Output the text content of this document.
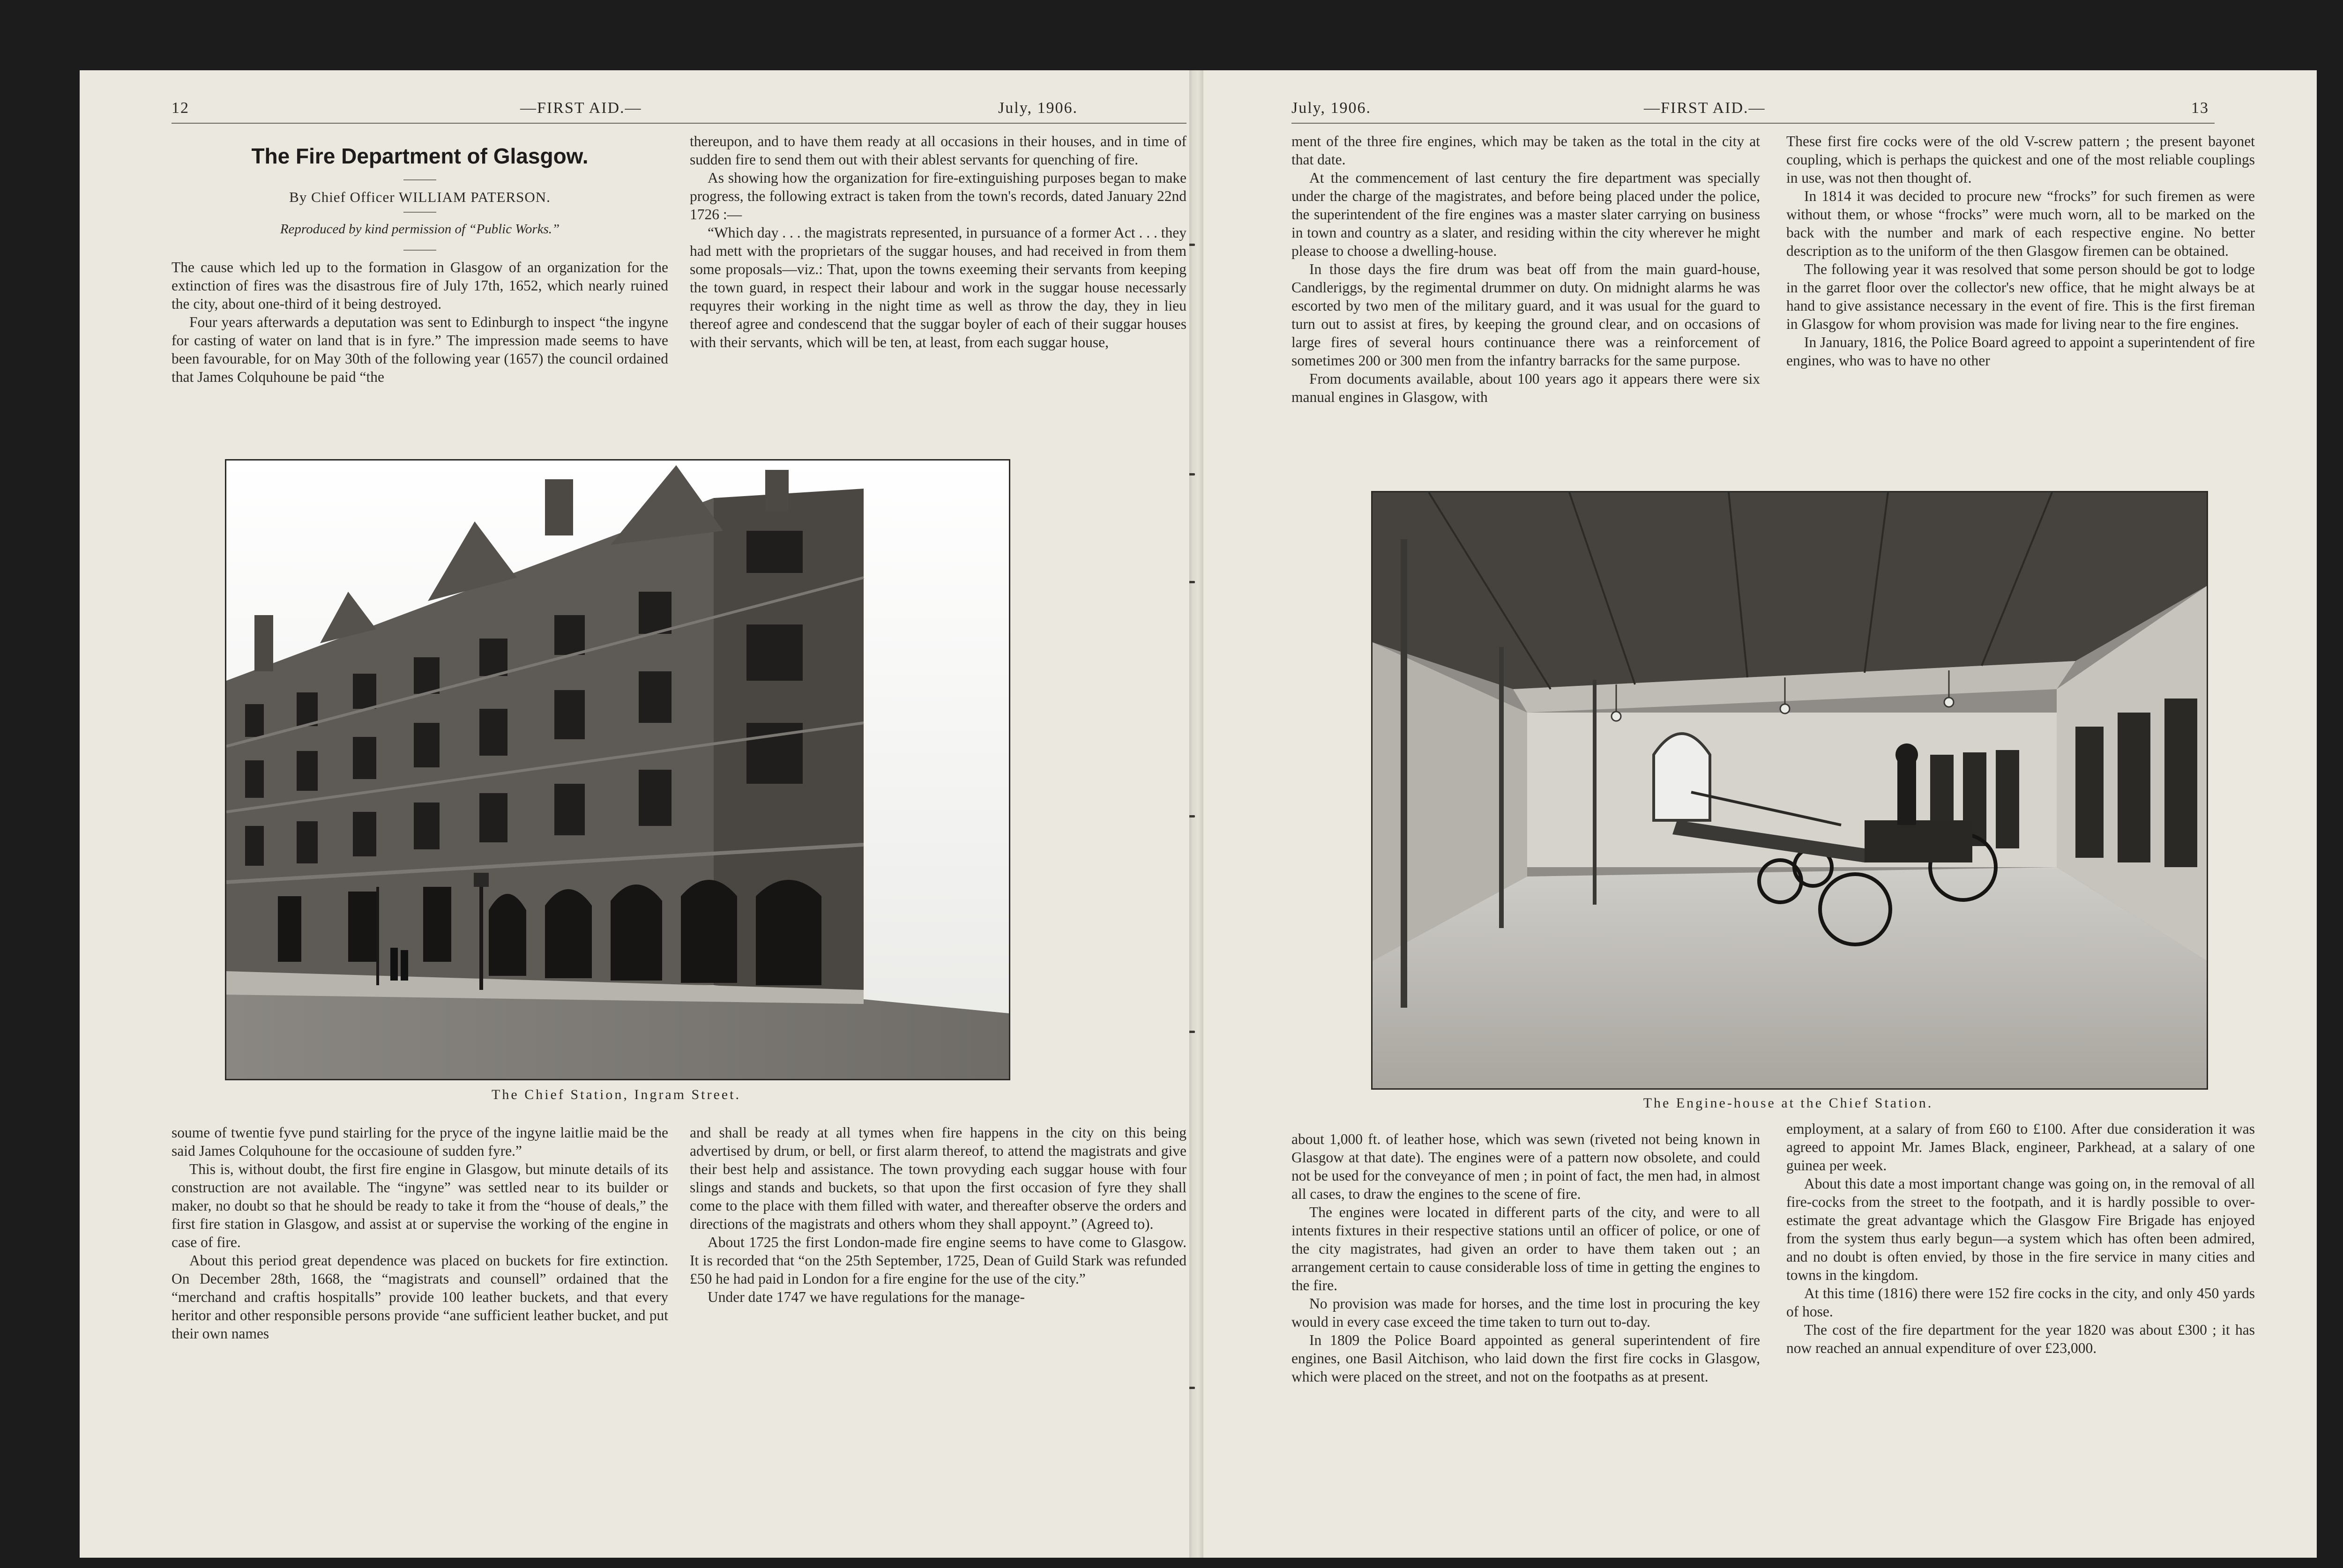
12	—FIRST AID.—	July, 1906.
The Fire Department of Glasgow.
By Chief Officer WILLIAM PATERSON.
Reproduced by kind permission of “Public Works.”

The cause which led up to the formation in Glasgow of an organization for the extinction of fires was the disastrous fire of July 17th, 1652, which nearly ruined the city, about one-third of it being destroyed.

Four years afterwards a deputation was sent to Edinburgh to inspect “the ingyne for casting of water on land that is in fyre.” The impression made seems to have been favourable, for on May 30th of the following year (1657) the council ordained that James Colquhoune be paid “the

thereupon, and to have them ready at all occasions in their houses, and in time of sudden fire to send them out with their ablest servants for quenching of fire.

As showing how the organization for fire-extinguishing purposes began to make progress, the following extract is taken from the town's records, dated January 22nd 1726 :—

“Which day . . . the magistrats represented, in pursuance of a former Act . . . they had mett with the proprietars of the suggar houses, and had received in from them some proposals—viz.: That, upon the towns exeeming their servants from keeping the town guard, in respect their labour and work in the suggar house necessarly requyres their working in the night time as well as throw the day, they in lieu thereof agree and condescend that the suggar boyler of each of their suggar houses with their servants, which will be ten, at least, from each suggar house,

The Chief Station, Ingram Street.

soume of twentie fyve pund stairling for the pryce of the ingyne laitlie maid be the said James Colquhoune for the occasioune of sudden fyre.”

This is, without doubt, the first fire engine in Glasgow, but minute details of its construction are not available. The “ingyne” was settled near to its builder or maker, no doubt so that he should be ready to take it from the “house of deals,” the first fire station in Glasgow, and assist at or supervise the working of the engine in case of fire.

About this period great dependence was placed on buckets for fire extinction. On December 28th, 1668, the “magistrats and counsell” ordained that the “merchand and craftis hospitalls” provide 100 leather buckets, and that every heritor and other responsible persons provide “ane sufficient leather bucket, and put their own names

and shall be ready at all tymes when fire happens in the city on this being advertised by drum, or bell, or first alarm thereof, to attend the magistrats and give their best help and assistance. The town provyding each suggar house with four slings and stands and buckets, so that upon the first occasion of fyre they shall come to the place with them filled with water, and thereafter observe the orders and directions of the magistrats and others whom they shall appoynt.” (Agreed to).

About 1725 the first London-made fire engine seems to have come to Glasgow. It is recorded that “on the 25th September, 1725, Dean of Guild Stark was refunded £50 he had paid in London for a fire engine for the use of the city.”

Under date 1747 we have regulations for the manage-

July, 1906.	—FIRST AID.—	13

ment of the three fire engines, which may be taken as the total in the city at that date.

At the commencement of last century the fire department was specially under the charge of the magistrates, and before being placed under the police, the superintendent of the fire engines was a master slater carrying on business in town and country as a slater, and residing within the city wherever he might please to choose a dwelling-house.

In those days the fire drum was beat off from the main guard-house, Candleriggs, by the regimental drummer on duty. On midnight alarms he was escorted by two men of the military guard, and it was usual for the guard to turn out to assist at fires, by keeping the ground clear, and on occasions of large fires of several hours continuance there was a reinforcement of sometimes 200 or 300 men from the infantry barracks for the same purpose.

From documents available, about 100 years ago it appears there were six manual engines in Glasgow, with

These first fire cocks were of the old V-screw pattern ; the present bayonet coupling, which is perhaps the quickest and one of the most reliable couplings in use, was not then thought of.

In 1814 it was decided to procure new “frocks” for such firemen as were without them, or whose “frocks” were much worn, all to be marked on the back with the number and mark of each respective engine. No better description as to the uniform of the then Glasgow firemen can be obtained.

The following year it was resolved that some person should be got to lodge in the garret floor over the collector's new office, that he might always be at hand to give assistance necessary in the event of fire. This is the first fireman in Glasgow for whom provision was made for living near to the fire engines.

In January, 1816, the Police Board agreed to appoint a superintendent of fire engines, who was to have no other

The Engine-house at the Chief Station.

about 1,000 ft. of leather hose, which was sewn (riveted not being known in Glasgow at that date). The engines were of a pattern now obsolete, and could not be used for the conveyance of men ; in point of fact, the men had, in almost all cases, to draw the engines to the scene of fire.

The engines were located in different parts of the city, and were to all intents fixtures in their respective stations until an officer of police, or one of the city magistrates, had given an order to have them taken out ; an arrangement certain to cause considerable loss of time in getting the engines to the fire.

No provision was made for horses, and the time lost in procuring the key would in every case exceed the time taken to turn out to-day.

In 1809 the Police Board appointed as general superintendent of fire engines, one Basil Aitchison, who laid down the first fire cocks in Glasgow, which were placed on the street, and not on the footpaths as at present.

employment, at a salary of from £60 to £100. After due consideration it was agreed to appoint Mr. James Black, engineer, Parkhead, at a salary of one guinea per week.

About this date a most important change was going on, in the removal of all fire-cocks from the street to the footpath, and it is hardly possible to over-estimate the great advantage which the Glasgow Fire Brigade has enjoyed from the system thus early begun—a system which has often been admired, and no doubt is often envied, by those in the fire service in many cities and towns in the kingdom.

At this time (1816) there were 152 fire cocks in the city, and only 450 yards of hose.

The cost of the fire department for the year 1820 was about £300 ; it has now reached an annual expenditure of over £23,000.
